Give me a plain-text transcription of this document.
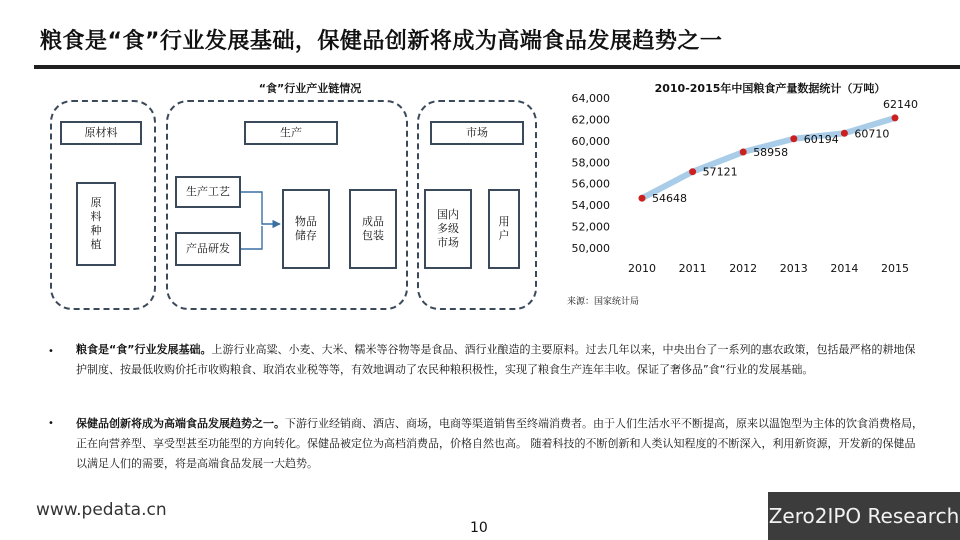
粮食是“食”行业发展基础，保健品创新将成为高端食品发展趋势之一
“食”行业产业链情况
原材料
原料种植
生产
生产工艺
产品研发
物品储存
成品包装
市场
国内多级市场
用户
2010-2015年中国粮食产量数据统计（万吨）
64,000
62,000
60,000
58,000
56,000
54,000
52,000
50,000
2010 2011 2012 2013 2014 2015
54648
57121
58958
60194 60710
62140
来源：国家统计局
• 粮食是“食”行业发展基础。上游行业高粱、小麦、大米、糯米等谷物等是食品、酒行业酿造的主要原料。过去几年以来，中央出台了一系列的惠农政策，包括最严格的耕地保护制度、按最低收购价托市收购粮食、取消农业税等等，有效地调动了农民种粮积极性，实现了粮食生产连年丰收。保证了奢侈品”食“行业的发展基础。
• 保健品创新将成为高端食品发展趋势之一。下游行业经销商、酒店、商场，电商等渠道销售至终端消费者。由于人们生活水平不断提高，原来以温饱型为主体的饮食消费格局，正在向营养型、享受型甚至功能型的方向转化。保健品被定位为高档消费品，价格自然也高。 随着科技的不断创新和人类认知程度的不断深入，利用新资源，开发新的保健品以满足人们的需要，将是高端食品发展一大趋势。
www.pedata.cn
10	Zero2IPO Research
